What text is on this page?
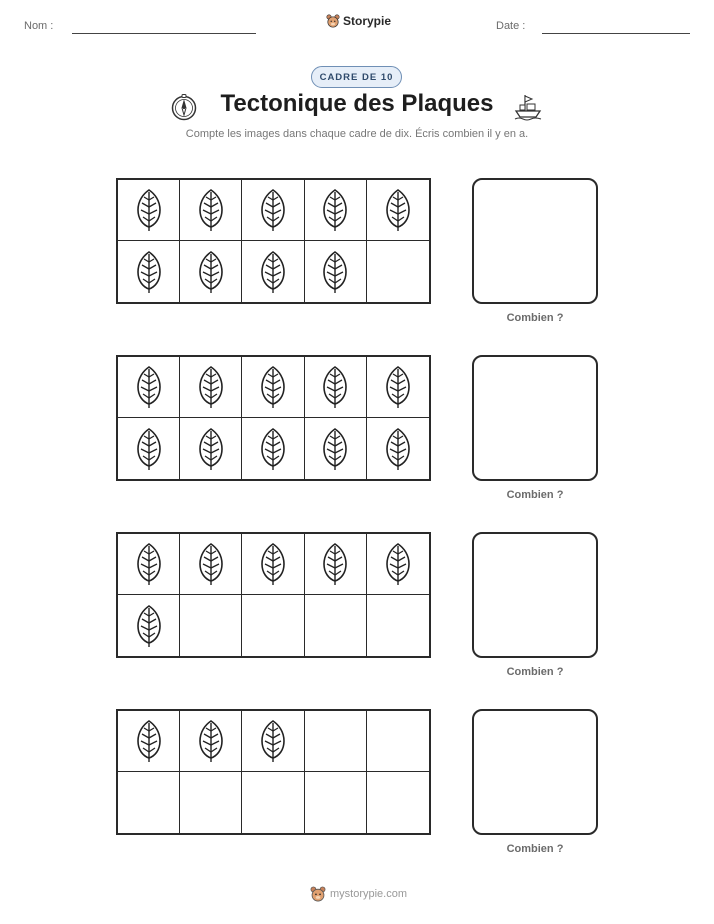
Nom :	Storypie	Date :
CADRE DE 10
Tectonique des Plaques
Compte les images dans chaque cadre de dix. Écris combien il y en a.
Combien ?
Combien ?
Combien ?
Combien ?
mystorypie.com
